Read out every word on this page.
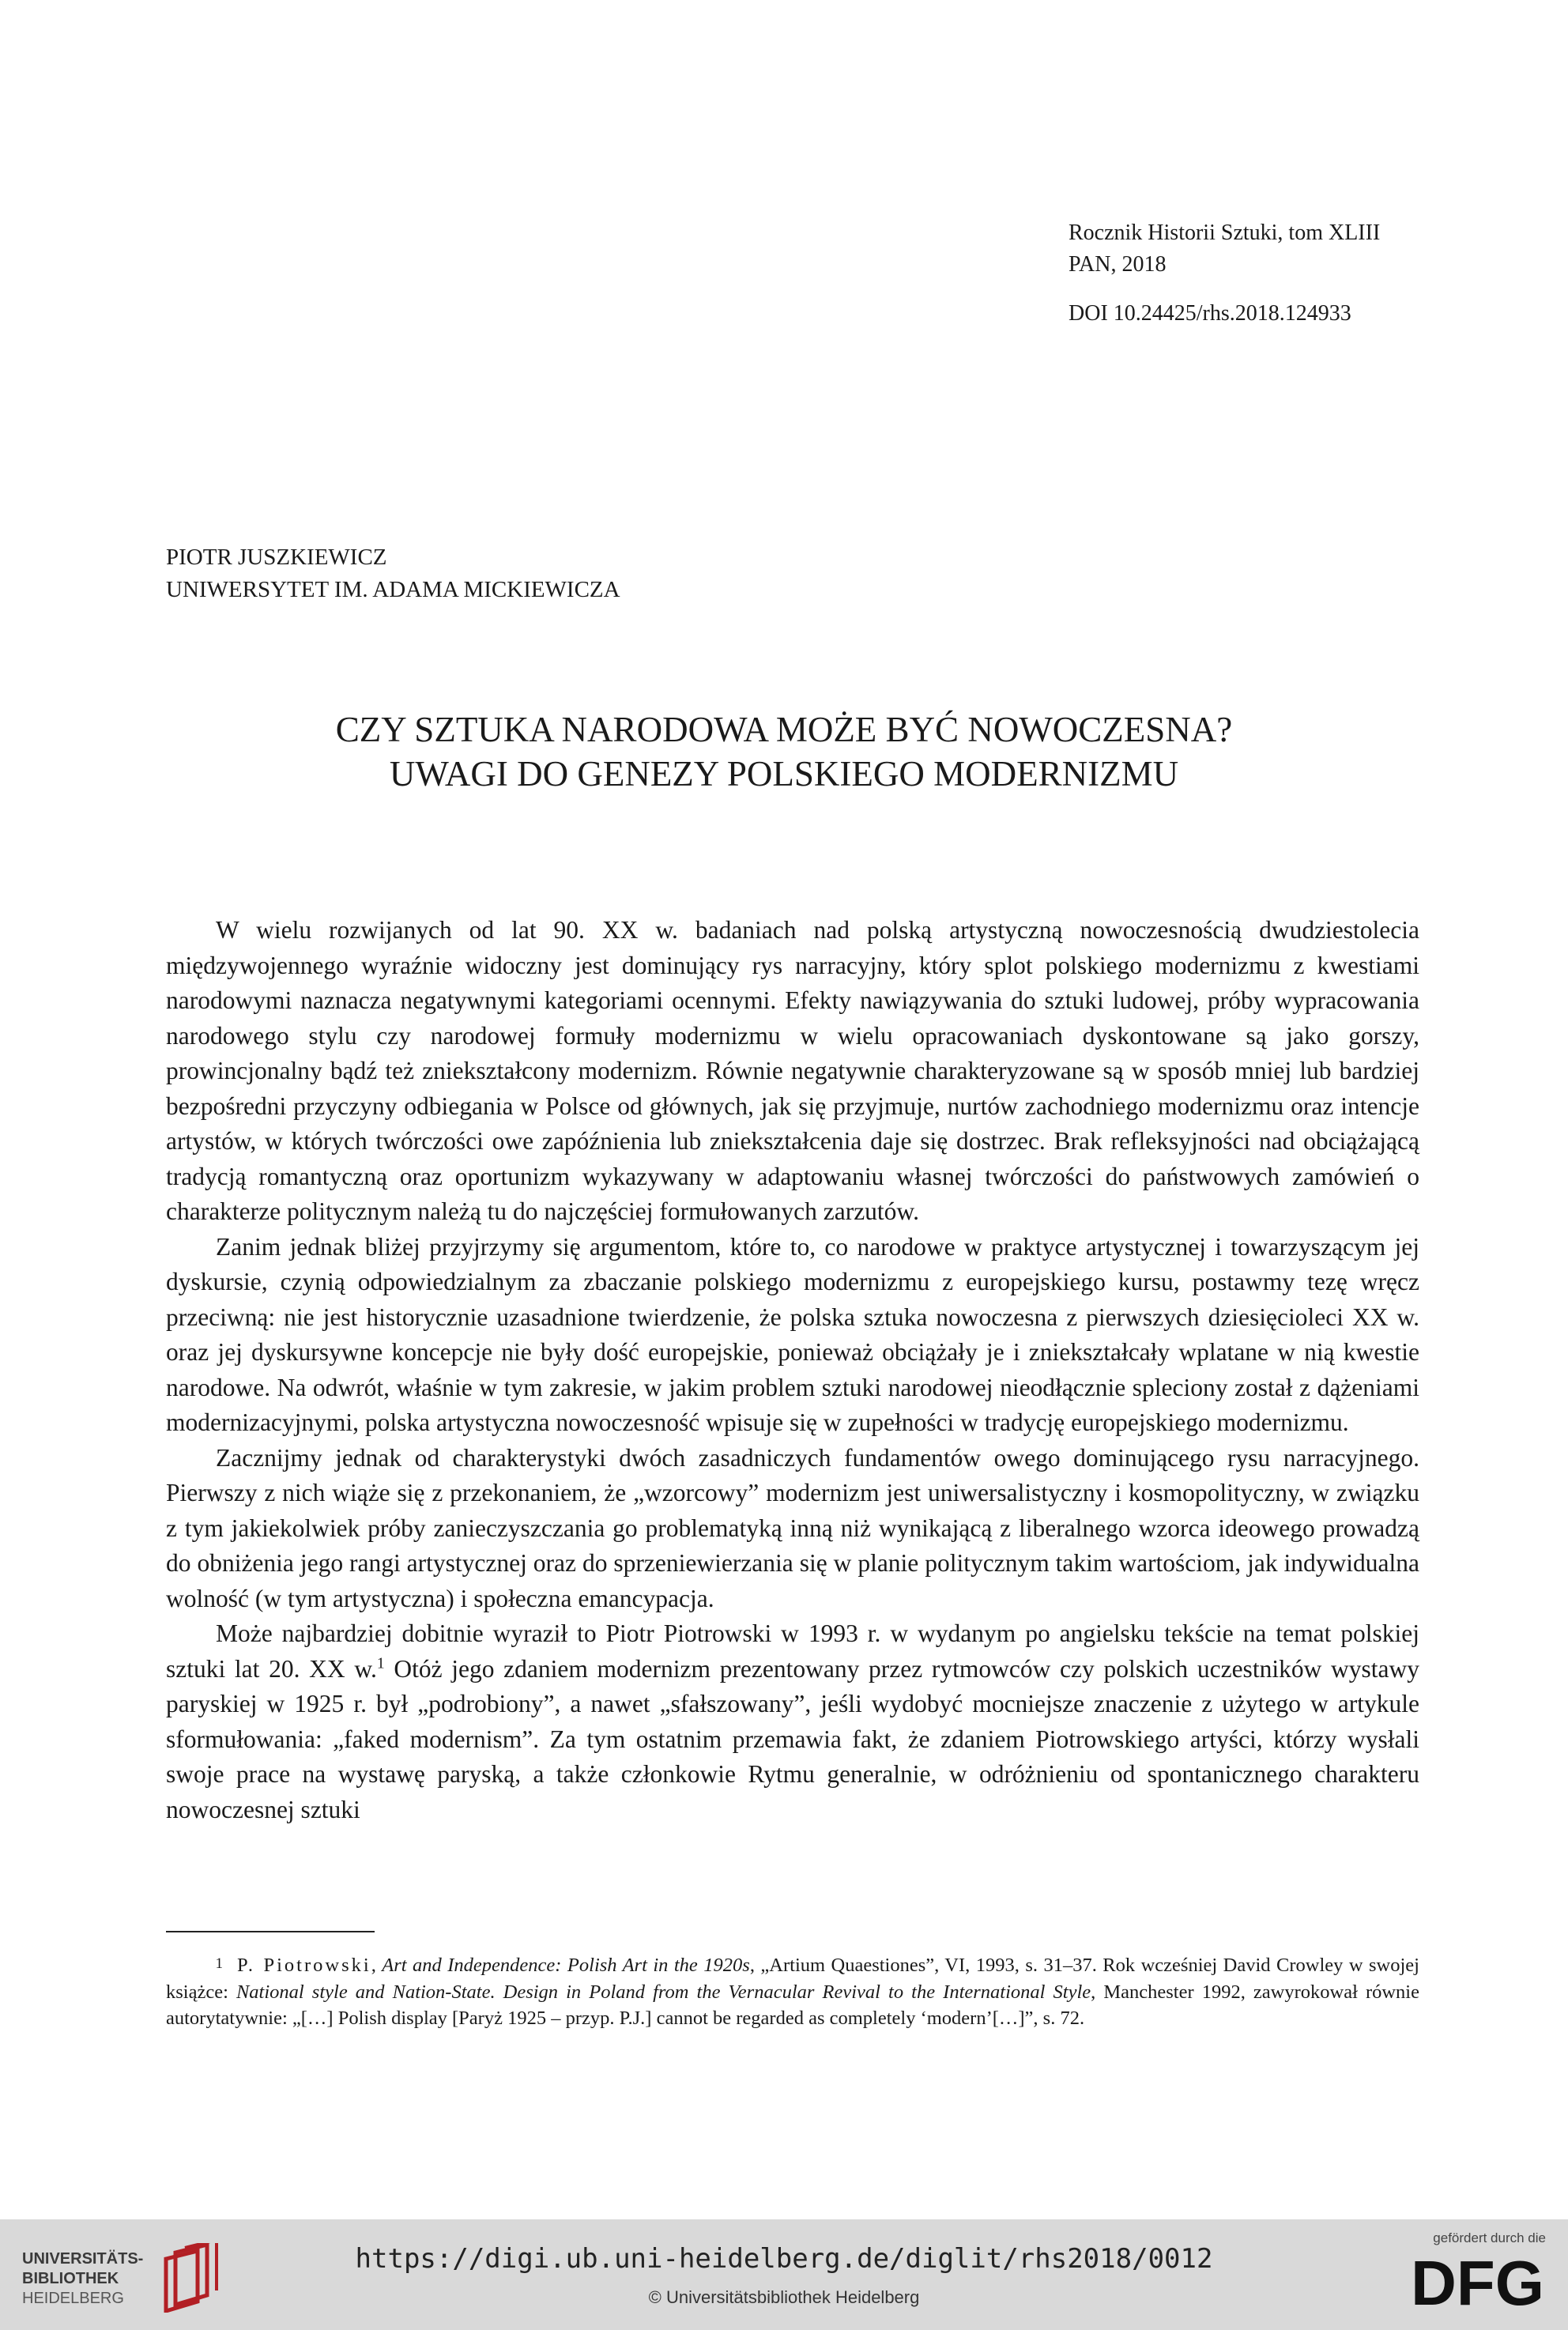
Rocznik Historii Sztuki, tom XLIII
PAN, 2018
DOI 10.24425/rhs.2018.124933
PIOTR JUSZKIEWICZ
UNIWERSYTET IM. ADAMA MICKIEWICZA
CZY SZTUKA NARODOWA MOŻE BYĆ NOWOCZESNA?
UWAGI DO GENEZY POLSKIEGO MODERNIZMU

W wielu rozwijanych od lat 90. XX w. badaniach nad polską artystyczną nowoczesnością dwudziestolecia międzywojennego wyraźnie widoczny jest dominujący rys narracyjny, który splot polskiego modernizmu z kwestiami narodowymi naznacza negatywnymi kategoriami ocennymi. Efekty nawiązywania do sztuki ludowej, próby wypracowania narodowego stylu czy narodowej formuły modernizmu w wielu opracowaniach dyskontowane są jako gorszy, prowincjonalny bądź też zniekształcony modernizm. Równie negatywnie charakteryzowane są w sposób mniej lub bardziej bezpośredni przyczyny odbiegania w Polsce od głównych, jak się przyjmuje, nurtów zachodniego modernizmu oraz intencje artystów, w których twórczości owe zapóźnienia lub zniekształcenia daje się dostrzec. Brak refleksyjności nad obciążającą tradycją romantyczną oraz oportunizm wykazywany w adaptowaniu własnej twórczości do państwowych zamówień o charakterze politycznym należą tu do najczęściej formułowanych zarzutów.

Zanim jednak bliżej przyjrzymy się argumentom, które to, co narodowe w praktyce artystycznej i towarzyszącym jej dyskursie, czynią odpowiedzialnym za zbaczanie polskiego modernizmu z europejskiego kursu, postawmy tezę wręcz przeciwną: nie jest historycznie uzasadnione twierdzenie, że polska sztuka nowoczesna z pierwszych dziesięcioleci XX w. oraz jej dyskursywne koncepcje nie były dość europejskie, ponieważ obciążały je i zniekształcały wplatane w nią kwestie narodowe. Na odwrót, właśnie w tym zakresie, w jakim problem sztuki narodowej nieodłącznie spleciony został z dążeniami modernizacyjnymi, polska artystyczna nowoczesność wpisuje się w zupełności w tradycję europejskiego modernizmu.

Zacznijmy jednak od charakterystyki dwóch zasadniczych fundamentów owego dominującego rysu narracyjnego. Pierwszy z nich wiąże się z przekonaniem, że „wzorcowy” modernizm jest uniwersalistyczny i kosmopolityczny, w związku z tym jakiekolwiek próby zanieczyszczania go problematyką inną niż wynikającą z liberalnego wzorca ideowego prowadzą do obniżenia jego rangi artystycznej oraz do sprzeniewierzania się w planie politycznym takim wartościom, jak indywidualna wolność (w tym artystyczna) i społeczna emancypacja.

Może najbardziej dobitnie wyraził to Piotr Piotrowski w 1993 r. w wydanym po angielsku tekście na temat polskiej sztuki lat 20. XX w.$^1$ Otóż jego zdaniem modernizm prezentowany przez rytmowców czy polskich uczestników wystawy paryskiej w 1925 r. był „podrobiony”, a nawet „sfałszowany”, jeśli wydobyć mocniejsze znaczenie z użytego w artykule sformułowania: „faked modernism”. Za tym ostatnim przemawia fakt, że zdaniem Piotrowskiego artyści, którzy wysłali swoje prace na wystawę paryską, a także członkowie Rytmu generalnie, w odróżnieniu od spontanicznego charakteru nowoczesnej sztuki

1 P. Piotrowski, Art and Independence: Polish Art in the 1920s, „Artium Quaestiones”, VI, 1993, s. 31–37. Rok wcześniej David Crowley w swojej książce: National style and Nation-State. Design in Poland from the Vernacular Revival to the International Style, Manchester 1992, zawyrokował równie autorytatywnie: „[…] Polish display [Paryż 1925 – przyp. P.J.] cannot be regarded as completely ‘modern’[…]”, s. 72.
UNIVERSITÄTS-
BIBLIOTHEK
HEIDELBERG
https://digi.ub.uni-heidelberg.de/diglit/rhs2018/0012
© Universitätsbibliothek Heidelberg
gefördert durch die
DFG
